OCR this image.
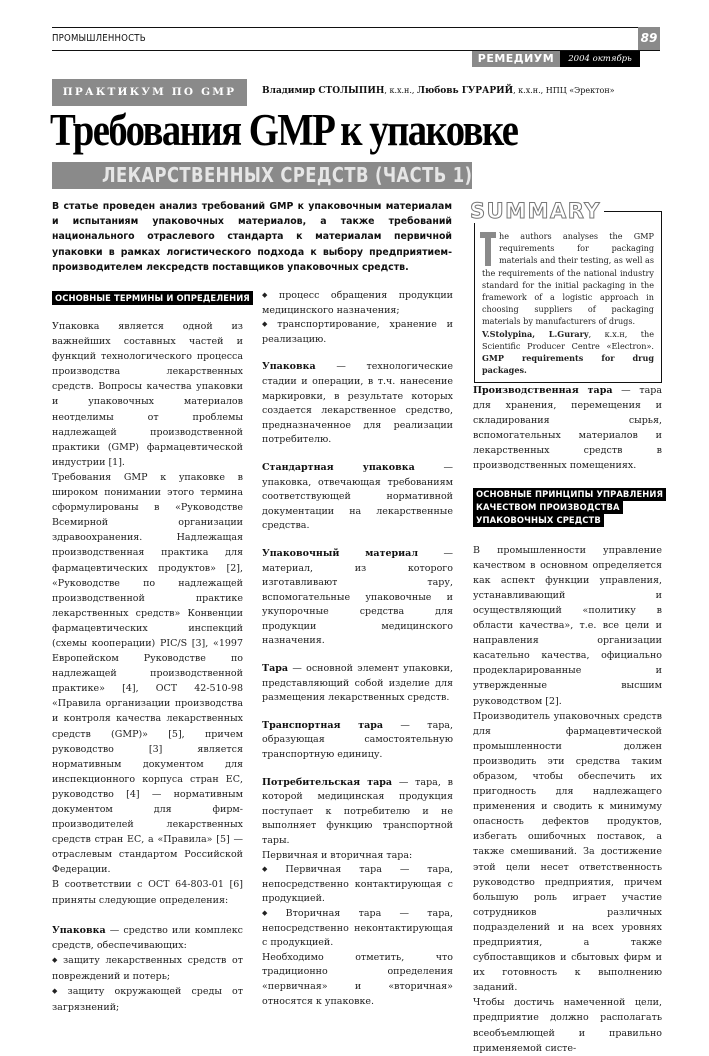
ПРОМЫШЛЕННОСТЬ	89
РЕМЕДИУМ	2004 октябрь
ПРАКТИКУМ ПО GMP	Владимир СТОЛЫПИН, к.х.н., Любовь ГУРАРИЙ, к.х.н., НПЦ «Эректон»
Требования GMP к упаковке
ЛЕКАРСТВЕННЫХ СРЕДСТВ (ЧАСТЬ 1)
В статье проведен анализ требований GMP к упаковочным материалам и испытаниям упаковочных материалов, а также требований национального отраслевого стандарта к материалам первичной упаковки в рамках логистического подхода к выбору предприятием-производителем лексредств поставщиков упаковочных средств.
SUMMARY
he authors analyses the GMP requirements for packaging materials and their testing, as well as the requirements of the national industry standard for the initial packaging in the framework of a logistic approach in choosing suppliers of packaging materials by manufacturers of drugs.
V.Stolypina, L.Gurary, к.х.н, the Scientific Producer Centre «Electron». GMP requirements for drug packages.
ОСНОВНЫЕ ТЕРМИНЫ И ОПРЕДЕЛЕНИЯ

Упаковка является одной из важнейших составных частей и функций технологического процесса производства лекарственных средств. Вопросы качества упаковки и упаковочных материалов неотделимы от проблемы надлежащей производственной практики (GMP) фармацевтической индустрии [1].

Требования GMP к упаковке в широком понимании этого термина сформулированы в «Руководстве Всемирной организации здравоохранения. Надлежащая производственная практика для фармацевтических продуктов» [2], «Руководстве по надлежащей производственной практике лекарственных средств» Конвенции фармацевтических инспекций (схемы кооперации) PIC/S [3], «1997 Европейском Руководстве по надлежащей производственной практике» [4], ОСТ 42-510-98 «Правила организации производства и контроля качества лекарственных средств (GMP)» [5], причем руководство [3] является нормативным документом для инспекционного корпуса стран ЕС, руководство [4] — нормативным документом для фирм-производителей лекарственных средств стран ЕС, а «Правила» [5] — отраслевым стандартом Российской Федерации.

В соответствии с ОСТ 64-803-01 [6] приняты следующие определения:

Упаковка — средство или комплекс средств, обеспечивающих:

◆ защиту лекарственных средств от повреждений и потерь;

◆ защиту окружающей среды от загрязнений;

◆ процесс обращения продукции медицинского назначения;

◆ транспортирование, хранение и реализацию.

Упаковка — технологические стадии и операции, в т.ч. нанесение маркировки, в результате которых создается лекарственное средство, предназначенное для реализации потребителю.

Стандартная упаковка — упаковка, отвечающая требованиям соответствующей нормативной документации на лекарственные средства.

Упаковочный материал — материал, из которого изготавливают тару, вспомогательные упаковочные и укупорочные средства для продукции медицинского назначения.

Тара — основной элемент упаковки, представляющий собой изделие для размещения лекарственных средств.

Транспортная тара — тара, образующая самостоятельную транспортную единицу.

Потребительская тара — тара, в которой медицинская продукция поступает к потребителю и не выполняет функцию транспортной тары.

Первичная и вторичная тара:

◆ Первичная тара — тара, непосредственно контактирующая с продукцией.

◆ Вторичная тара — тара, непосредственно неконтактирующая с продукцией.

Необходимо отметить, что традиционно определения «первичная» и «вторичная» относятся к упаковке.

Производственная тара — тара для хранения, перемещения и складирования сырья, вспомогательных материалов и лекарственных средств в производственных помещениях.

ОСНОВНЫЕ ПРИНЦИПЫ УПРАВЛЕНИЯ
КАЧЕСТВОМ ПРОИЗВОДСТВА
УПАКОВОЧНЫХ СРЕДСТВ

В промышленности управление качеством в основном определяется как аспект функции управления, устанавливающий и осуществляющий «политику в области качества», т.е. все цели и направления организации касательно качества, официально продекларированные и утвержденные высшим руководством [2].

Производитель упаковочных средств для фармацевтической промышленности должен производить эти средства таким образом, чтобы обеспечить их пригодность для надлежащего применения и сводить к минимуму опасность дефектов продуктов, избегать ошибочных поставок, а также смешиваний. За достижение этой цели несет ответственность руководство предприятия, причем большую роль играет участие сотрудников различных подразделений и на всех уровнях предприятия, а также субпоставщиков и сбытовых фирм и их готовность к выполнению заданий.

Чтобы достичь намеченной цели, предприятие должно располагать всеобъемлющей и правильно применяемой систе-
